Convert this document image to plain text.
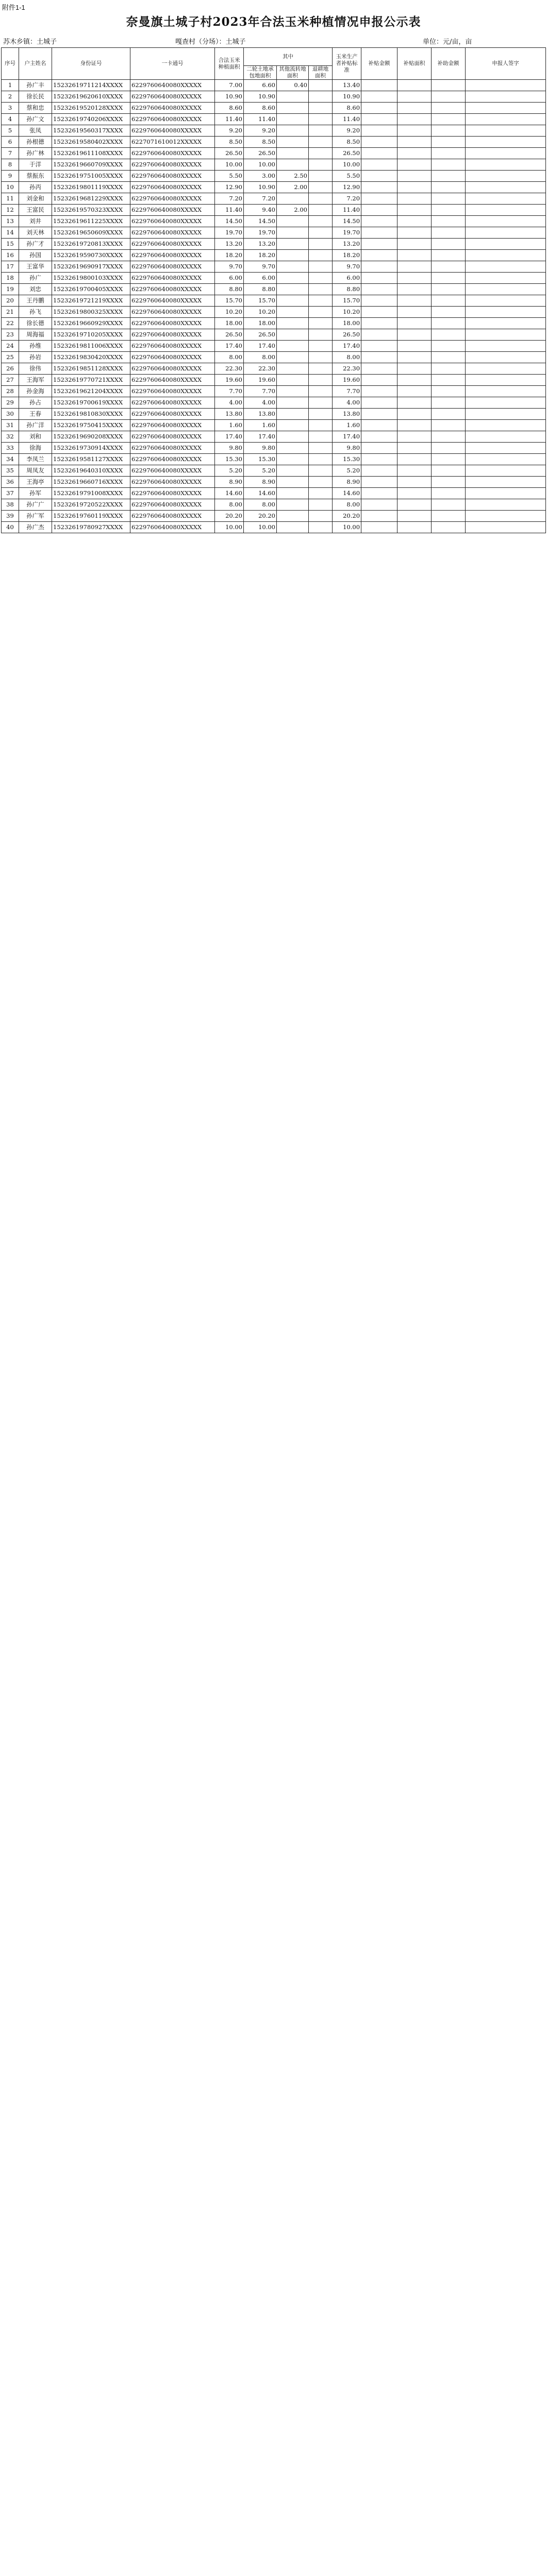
附件1-1
奈曼旗土城子村2023年合法玉米种植情况申报公示表
苏木乡镇：土城子	嘎查村（分场）：土城子	单位：元/亩，亩
序号	户主姓名	身份证号	一卡通号	合法玉米种植面积	其中			玉米生产者补贴标准	补贴金额	补贴面积	补助金额	申报人签字
					二轮土地承包地面积	其他流转地面积	退耕地面积					
1	孙广丰	15232619711214XXXX	6229760640080XXXXX	7.00	6.60	0.40		13.40				
2	徐长民	15232619620610XXXX	6229760640080XXXXX	10.90	10.90			10.90				
3	蔡和忠	15232619520128XXXX	6229760640080XXXXX	8.60	8.60			8.60				
4	孙广文	15232619740206XXXX	6229760640080XXXXX	11.40	11.40			11.40				
5	张凤	15232619560317XXXX	6229760640080XXXXX	9.20	9.20			9.20				
6	孙根德	15232619580402XXXX	6227071610012XXXXX	8.50	8.50			8.50				
7	孙广林	15232619611108XXXX	6229760640080XXXXX	26.50	26.50			26.50				
8	于洋	15232619660709XXXX	6229760640080XXXXX	10.00	10.00			10.00				
9	蔡振东	15232619751005XXXX	6229760640080XXXXX	5.50	3.00	2.50		5.50				
10	孙丙	15232619801119XXXX	6229760640080XXXXX	12.90	10.90	2.00		12.90				
11	刘金和	15232619681229XXXX	6229760640080XXXXX	7.20	7.20			7.20				
12	王富民	15232619570323XXXX	6229760640080XXXXX	11.40	9.40	2.00		11.40				
13	刘井	15232619611225XXXX	6229760640080XXXXX	14.50	14.50			14.50				
14	刘天林	15232619650609XXXX	6229760640080XXXXX	19.70	19.70			19.70				
15	孙广才	15232619720813XXXX	6229760640080XXXXX	13.20	13.20			13.20				
16	孙国	15232619590730XXXX	6229760640080XXXXX	18.20	18.20			18.20				
17	王富华	15232619690917XXXX	6229760640080XXXXX	9.70	9.70			9.70				
18	孙广	15232619800103XXXX	6229760640080XXXXX	6.00	6.00			6.00				
19	刘忠	15232619700405XXXX	6229760640080XXXXX	8.80	8.80			8.80				
20	王丹鹏	15232619721219XXXX	6229760640080XXXXX	15.70	15.70			15.70				
21	孙飞	15232619800325XXXX	6229760640080XXXXX	10.20	10.20			10.20				
22	徐长德	15232619660929XXXX	6229760640080XXXXX	18.00	18.00			18.00				
23	周海福	15232619710205XXXX	6229760640080XXXXX	26.50	26.50			26.50				
24	孙维	15232619811006XXXX	6229760640080XXXXX	17.40	17.40			17.40				
25	孙岩	15232619830420XXXX	6229760640080XXXXX	8.00	8.00			8.00				
26	徐伟	15232619851128XXXX	6229760640080XXXXX	22.30	22.30			22.30				
27	王海军	15232619770721XXXX	6229760640080XXXXX	19.60	19.60			19.60				
28	孙金海	15232619621204XXXX	6229760640080XXXXX	7.70	7.70			7.70				
29	孙占	15232619700619XXXX	6229760640080XXXXX	4.00	4.00			4.00				
30	王春	15232619810830XXXX	6229760640080XXXXX	13.80	13.80			13.80				
31	孙广洋	15232619750415XXXX	6229760640080XXXXX	1.60	1.60			1.60				
32	刘和	15232619690208XXXX	6229760640080XXXXX	17.40	17.40			17.40				
33	徐海	15232619730914XXXX	6229760640080XXXXX	9.80	9.80			9.80				
34	李凤兰	15232619581127XXXX	6229760640080XXXXX	15.30	15.30			15.30				
35	周凤友	15232619640310XXXX	6229760640080XXXXX	5.20	5.20			5.20				
36	王海亭	15232619660716XXXX	6229760640080XXXXX	8.90	8.90			8.90				
37	孙军	15232619791008XXXX	6229760640080XXXXX	14.60	14.60			14.60				
38	孙广广	15232619720522XXXX	6229760640080XXXXX	8.00	8.00			8.00				
39	孙广军	15232619760119XXXX	6229760640080XXXXX	20.20	20.20			20.20				
40	孙广杰	15232619780927XXXX	6229760640080XXXXX	10.00	10.00			10.00				
